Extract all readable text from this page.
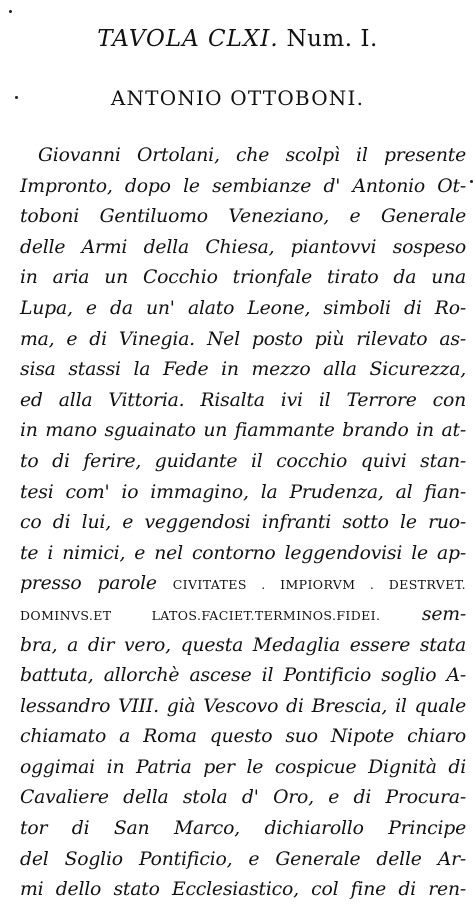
TAVOLA CLXI. Num. I.
ANTONIO OTTOBONI.
Giovanni Ortolani, che scolpì il presente
Impronto, dopo le sembianze d' Antonio Ot-
toboni Gentiluomo Veneziano, e Generale
delle Armi della Chiesa, piantovvi sospeso
in aria un Cocchio trionfale tirato da una
Lupa, e da un' alato Leone, simboli di Ro-
ma, e di Vinegia. Nel posto più rilevato as-
sisa stassi la Fede in mezzo alla Sicurezza,
ed alla Vittoria. Risalta ivi il Terrore con
in mano sguainato un fiammante brando in at-
to di ferire, guidante il cocchio quivi stan-
tesi com' io immagino, la Prudenza, al fian-
co di lui, e veggendosi infranti sotto le ruo-
te i nimici, e nel contorno leggendovisi le ap-
presso parole CIVITATES . IMPIORVM . DESTRVET.
DOMINVS.ET LATOS.FACIET.TERMINOS.FIDEI. sem-
bra, a dir vero, questa Medaglia essere stata
battuta, allorchè ascese il Pontificio soglio A-
lessandro VIII. già Vescovo di Brescia, il quale
chiamato a Roma questo suo Nipote chiaro
oggimai in Patria per le cospicue Dignità di
Cavaliere della stola d' Oro, e di Procura-
tor di San Marco, dichiarollo Principe
del Soglio Pontificio, e Generale delle Ar-
mi dello stato Ecclesiastico, col fine di ren-
